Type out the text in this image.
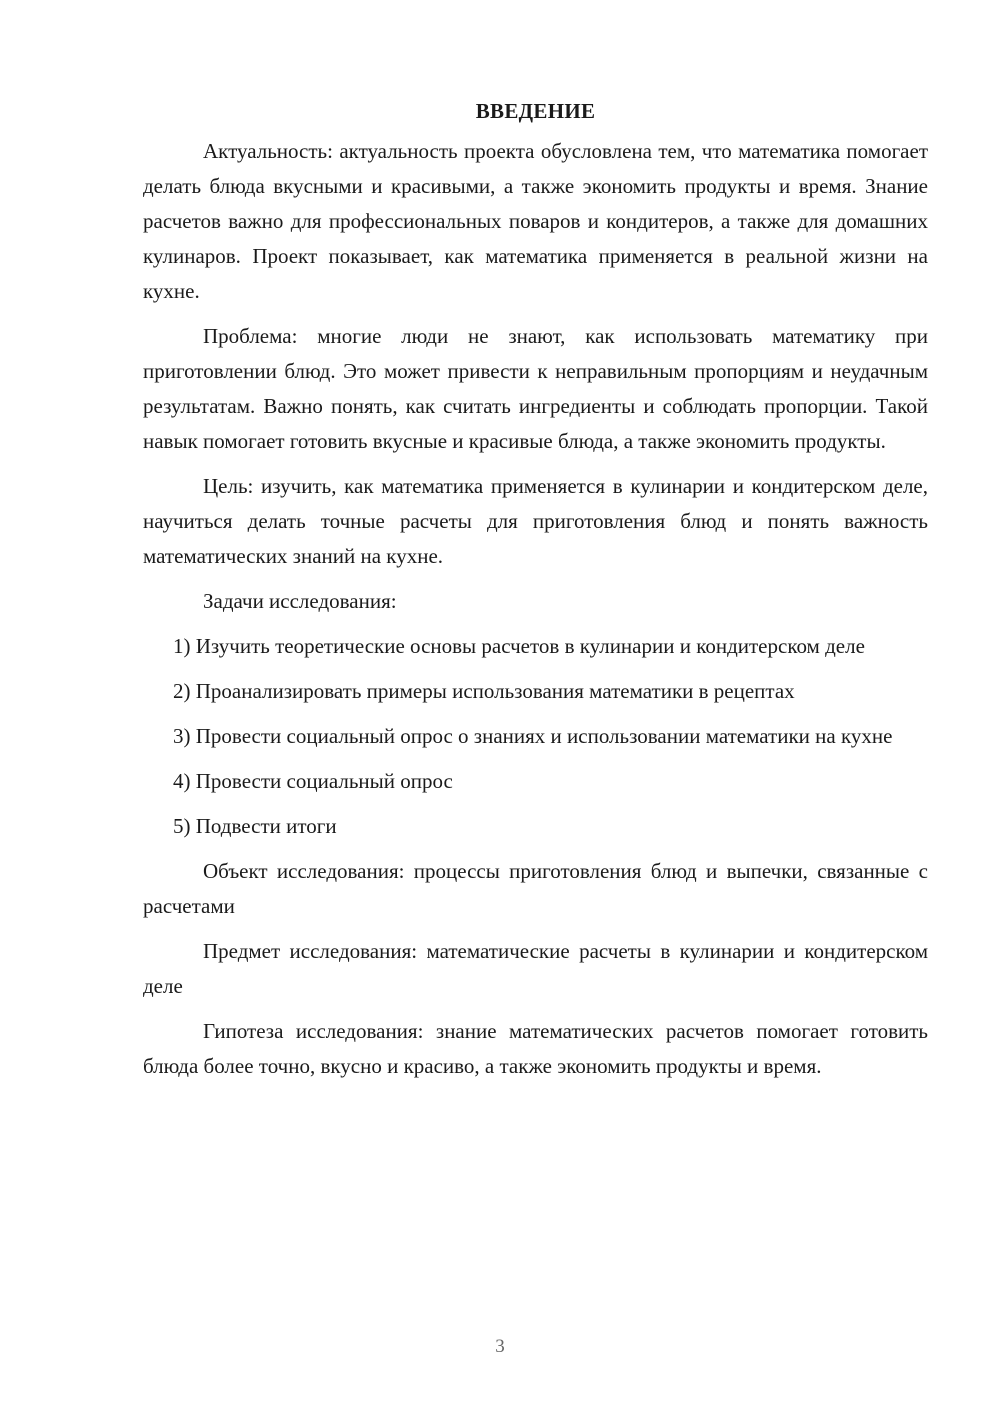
ВВЕДЕНИЕ

Актуальность: актуальность проекта обусловлена тем, что математика помогает делать блюда вкусными и красивыми, а также экономить продукты и время. Знание расчетов важно для профессиональных поваров и кондитеров, а также для домашних кулинаров. Проект показывает, как математика применяется в реальной жизни на кухне.

Проблема: многие люди не знают, как использовать математику при приготовлении блюд. Это может привести к неправильным пропорциям и неудачным результатам. Важно понять, как считать ингредиенты и соблюдать пропорции. Такой навык помогает готовить вкусные и красивые блюда, а также экономить продукты.

Цель: изучить, как математика применяется в кулинарии и кондитерском деле, научиться делать точные расчеты для приготовления блюд и понять важность математических знаний на кухне.

Задачи исследования:

1) Изучить теоретические основы расчетов в кулинарии и кондитерском деле

2) Проанализировать примеры использования математики в рецептах

3) Провести социальный опрос о знаниях и использовании математики на кухне

4) Провести социальный опрос

5) Подвести итоги

Объект исследования: процессы приготовления блюд и выпечки, связанные с расчетами

Предмет исследования: математические расчеты в кулинарии и кондитерском деле

Гипотеза исследования: знание математических расчетов помогает готовить блюда более точно, вкусно и красиво, а также экономить продукты и время.

3
